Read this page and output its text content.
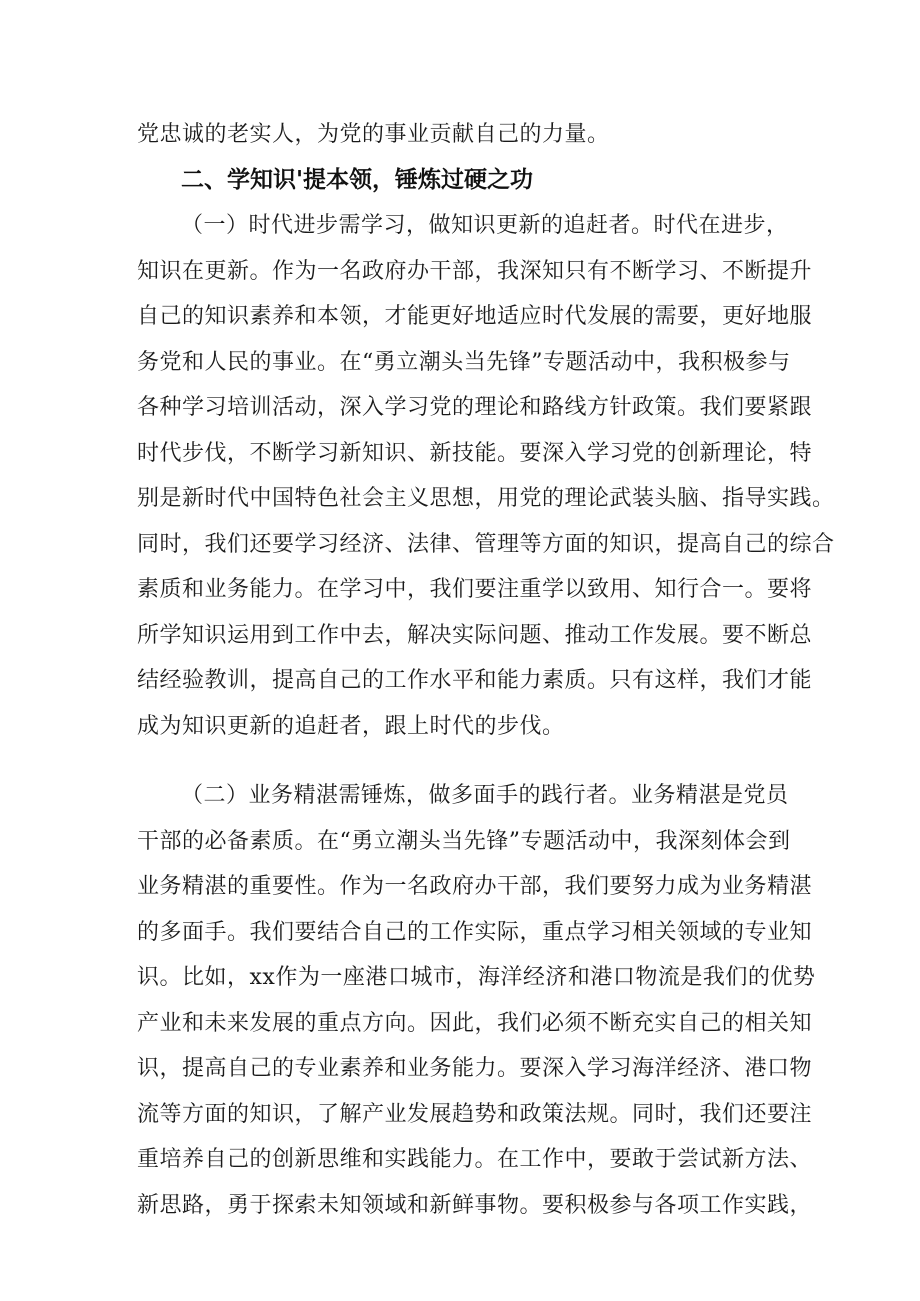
党忠诚的老实人，为党的事业贡献自己的力量。
二、学知识'提本领，锤炼过硬之功
（一）时代进步需学习，做知识更新的追赶者。时代在进步，
知识在更新。作为一名政府办干部，我深知只有不断学习、不断提升
自己的知识素养和本领，才能更好地适应时代发展的需要，更好地服
务党和人民的事业。在“勇立潮头当先锋”专题活动中，我积极参与
各种学习培训活动，深入学习党的理论和路线方针政策。我们要紧跟
时代步伐，不断学习新知识、新技能。要深入学习党的创新理论，特
别是新时代中国特色社会主义思想，用党的理论武装头脑、指导实践。
同时，我们还要学习经济、法律、管理等方面的知识，提高自己的综合
素质和业务能力。在学习中，我们要注重学以致用、知行合一。要将
所学知识运用到工作中去，解决实际问题、推动工作发展。要不断总
结经验教训，提高自己的工作水平和能力素质。只有这样，我们才能
成为知识更新的追赶者，跟上时代的步伐。
（二）业务精湛需锤炼，做多面手的践行者。业务精湛是党员
干部的必备素质。在“勇立潮头当先锋”专题活动中，我深刻体会到
业务精湛的重要性。作为一名政府办干部，我们要努力成为业务精湛
的多面手。我们要结合自己的工作实际，重点学习相关领域的专业知
识。比如，xx作为一座港口城市，海洋经济和港口物流是我们的优势
产业和未来发展的重点方向。因此，我们必须不断充实自己的相关知
识，提高自己的专业素养和业务能力。要深入学习海洋经济、港口物
流等方面的知识，了解产业发展趋势和政策法规。同时，我们还要注
重培养自己的创新思维和实践能力。在工作中，要敢于尝试新方法、
新思路，勇于探索未知领域和新鲜事物。要积极参与各项工作实践，
